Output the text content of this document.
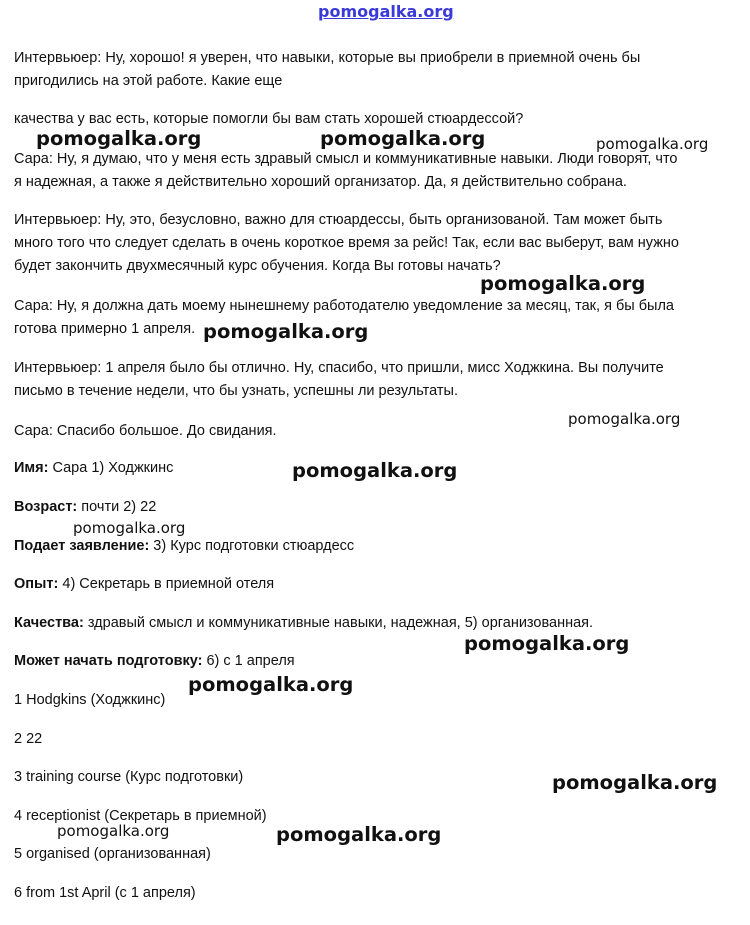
pomogalka.org
Интервьюер: Ну, хорошо! я уверен, что навыки, которые вы приобрели в приемной очень бы
пригодились на этой работе. Какие еще
качества у вас есть, которые помогли бы вам стать хорошей стюардессой?
Сара: Ну, я думаю, что у меня есть здравый смысл и коммуникативные навыки. Люди говорят, что
я надежная, а также я действительно хороший организатор. Да, я действительно собрана.
Интервьюер: Ну, это, безусловно, важно для стюардессы, быть организованой. Там может быть
много того что следует сделать в очень короткое время за рейс! Так, если вас выберут, вам нужно
будет закончить двухмесячный курс обучения. Когда Вы готовы начать?
Сара: Ну, я должна дать моему нынешнему работодателю уведомление за месяц, так, я бы была
готова примерно 1 апреля.
Интервьюер: 1 апреля было бы отлично. Ну, спасибо, что пришли, мисс Ходжкина. Вы получите
письмо в течение недели, что бы узнать, успешны ли результаты.
Сара: Спасибо большое. До свидания.
Имя: Сара 1) Ходжкинс
Возраст: почти 2) 22
Подает заявление: 3) Курс подготовки стюардесс
Опыт: 4) Секретарь в приемной отеля
Качества: здравый смысл и коммуникативные навыки, надежная, 5) организованная.
Может начать подготовку: 6) с 1 апреля
1 Hodgkins (Ходжкинс)
2 22
3 training course (Курс подготовки)
4 receptionist (Секретарь в приемной)
5 organised (организованная)
6 from 1st April (с 1 апреля)
pomogalka.org	pomogalka.org	pomogalka.org
pomogalka.org
pomogalka.org
pomogalka.org
pomogalka.org
pomogalka.org
pomogalka.org
pomogalka.org
pomogalka.org
pomogalka.org	pomogalka.org
